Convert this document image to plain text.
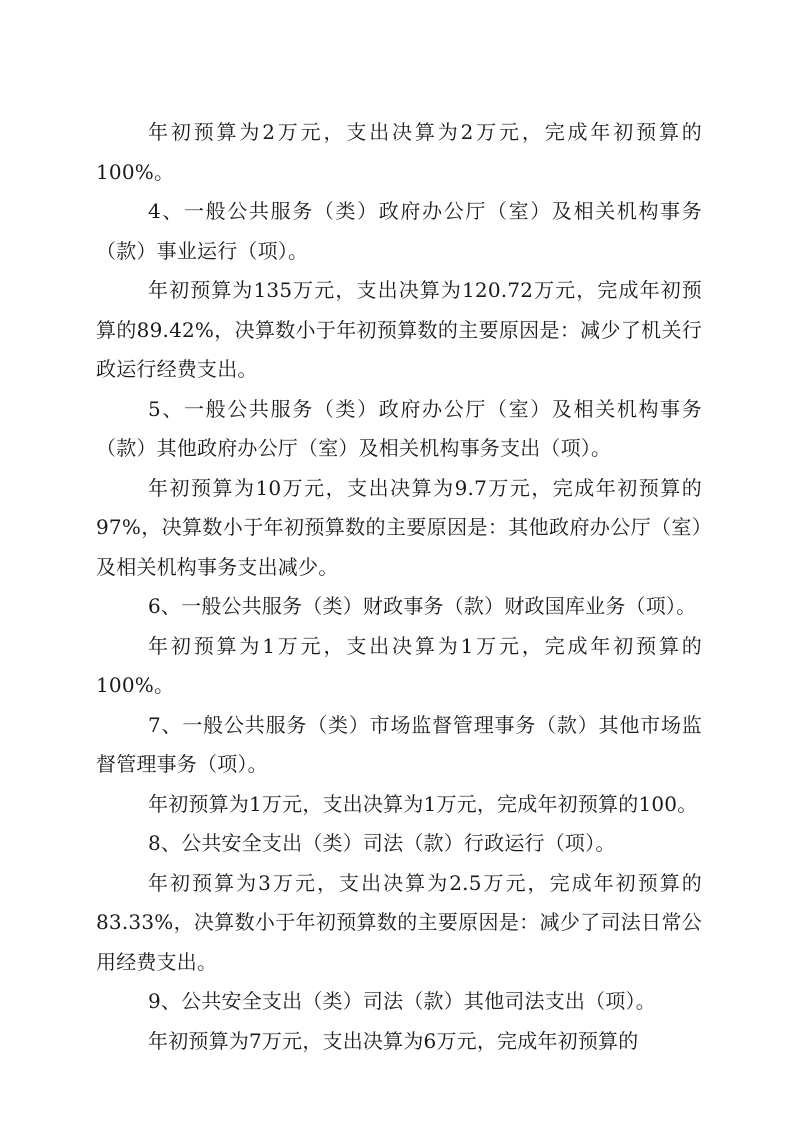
年初预算为2万元，支出决算为2万元，完成年初预算的100%。

4、一般公共服务（类）政府办公厅（室）及相关机构事务（款）事业运行（项）。

年初预算为135万元，支出决算为120.72万元，完成年初预算的89.42%，决算数小于年初预算数的主要原因是：减少了机关行政运行经费支出。

5、一般公共服务（类）政府办公厅（室）及相关机构事务（款）其他政府办公厅（室）及相关机构事务支出（项）。

年初预算为10万元，支出决算为9.7万元，完成年初预算的97%，决算数小于年初预算数的主要原因是：其他政府办公厅（室）及相关机构事务支出减少。

6、一般公共服务（类）财政事务（款）财政国库业务（项）。

年初预算为1万元，支出决算为1万元，完成年初预算的100%。

7、一般公共服务（类）市场监督管理事务（款）其他市场监督管理事务（项）。

年初预算为1万元，支出决算为1万元，完成年初预算的100。

8、公共安全支出（类）司法（款）行政运行（项）。

年初预算为3万元，支出决算为2.5万元，完成年初预算的83.33%，决算数小于年初预算数的主要原因是：减少了司法日常公用经费支出。

9、公共安全支出（类）司法（款）其他司法支出（项）。

年初预算为7万元，支出决算为6万元，完成年初预算的
